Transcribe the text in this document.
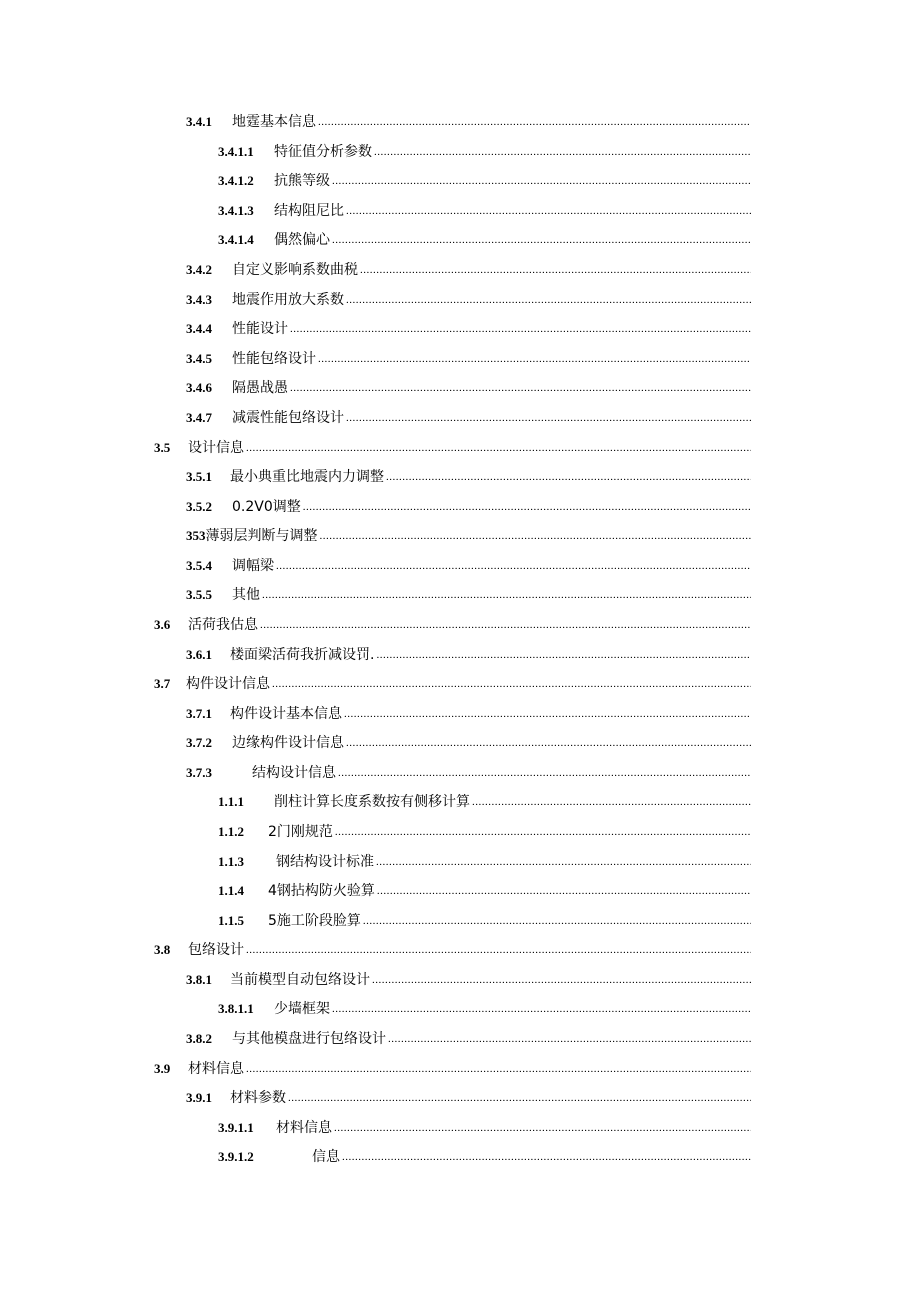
3.4.1	地霆基本信息
.....
3.4.1.1	特征值分析参数
.....
3.4.1.2	抗熊等级
.....
3.4.1.3	结构阻尼比
.....
3.4.1.4	偶然偏心
.....
3.4.2	自定义影响系数曲税
.....
3.4.3	地震作用放大系数
.....
3.4.4	性能设计
.....
3.4.5	性能包络设计
.....
3.4.6	隔愚战愚
.....
3.4.7	减震性能包络设计
.....
3.5	设计信息
.....
3.5.1	最小典重比地震内力调整
.....
3.5.2	0.2V0调整
.....
353 薄弱层判断与调整
.....
3.5.4	调幅梁
.....
3.5.5	其他
.....
3.6	活荷我估息
.....
3.6.1	楼面梁活荷我折减设罚.
.....
3.7	构件设计信息
.....
3.7.1	构件设计基本信息
.....
3.7.2	边缘构件设计信息
.....
3.7.3	结构设计信息
.....
1.1.1	削柱计算长度系数按有侧移计算
.....
1.1.2	2门刚规范
.....
1.1.3	钢结构设计标准
.....
1.1.4	4钢拈构防火验算
.....
1.1.5	5施工阶段脸算
.....
3.8	包络设计
.....
3.8.1	当前模型自动包络设计
.....
3.8.1.1	少墙框架
.....
3.8.2	与其他模盘进行包络设计
.....
3.9	材料信息
.....
3.9.1	材料参数
.....
3.9.1.1	材料信息
.....
3.9.1.2	信息
.....
